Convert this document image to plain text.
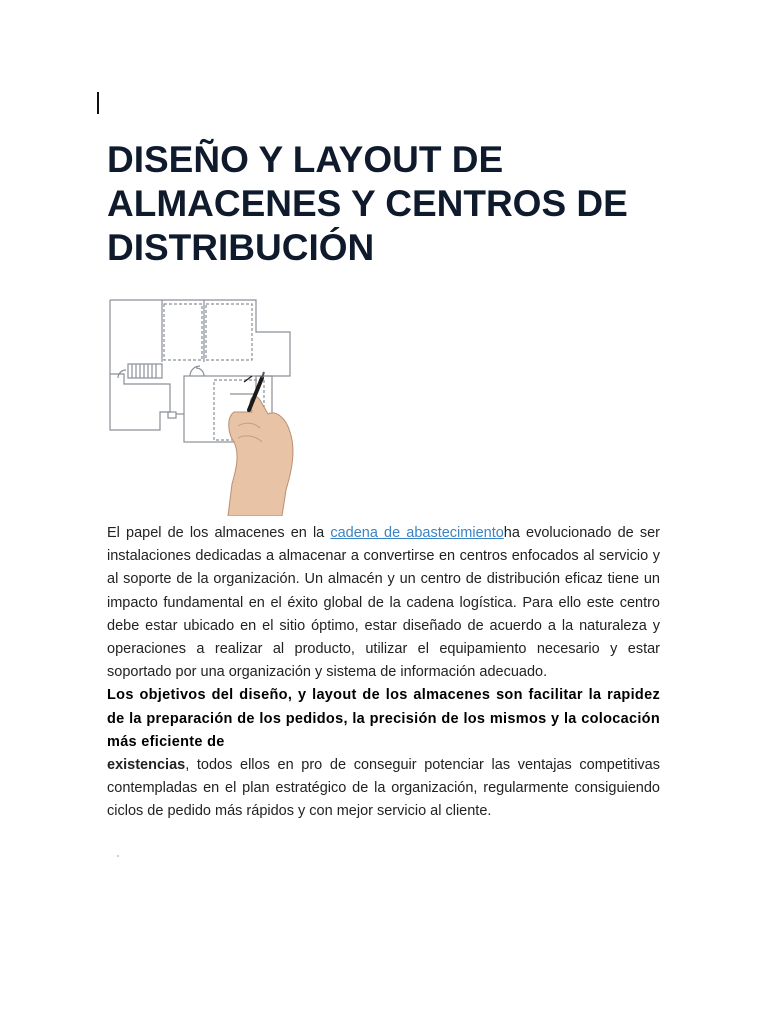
DISEÑO Y LAYOUT DE ALMACENES Y CENTROS DE DISTRIBUCIÓN

El papel de los almacenes en la cadena de abastecimientoha evolucionado de ser instalaciones dedicadas a almacenar a convertirse en centros enfocados al servicio y al soporte de la organización. Un almacén y un centro de distribución eficaz tiene un impacto fundamental en el éxito global de la cadena logística. Para ello este centro debe estar ubicado en el sitio óptimo, estar diseñado de acuerdo a la naturaleza y operaciones a realizar al producto, utilizar el equipamiento necesario y estar soportado por una organización y sistema de información adecuado.

Los objetivos del diseño, y layout de los almacenes son facilitar la rapidez de la preparación de los pedidos, la precisión de los mismos y la colocación más eficiente de

existencias, todos ellos en pro de conseguir potenciar las ventajas competitivas contempladas en el plan estratégico de la organización, regularmente consiguiendo ciclos de pedido más rápidos y con mejor servicio al cliente.
